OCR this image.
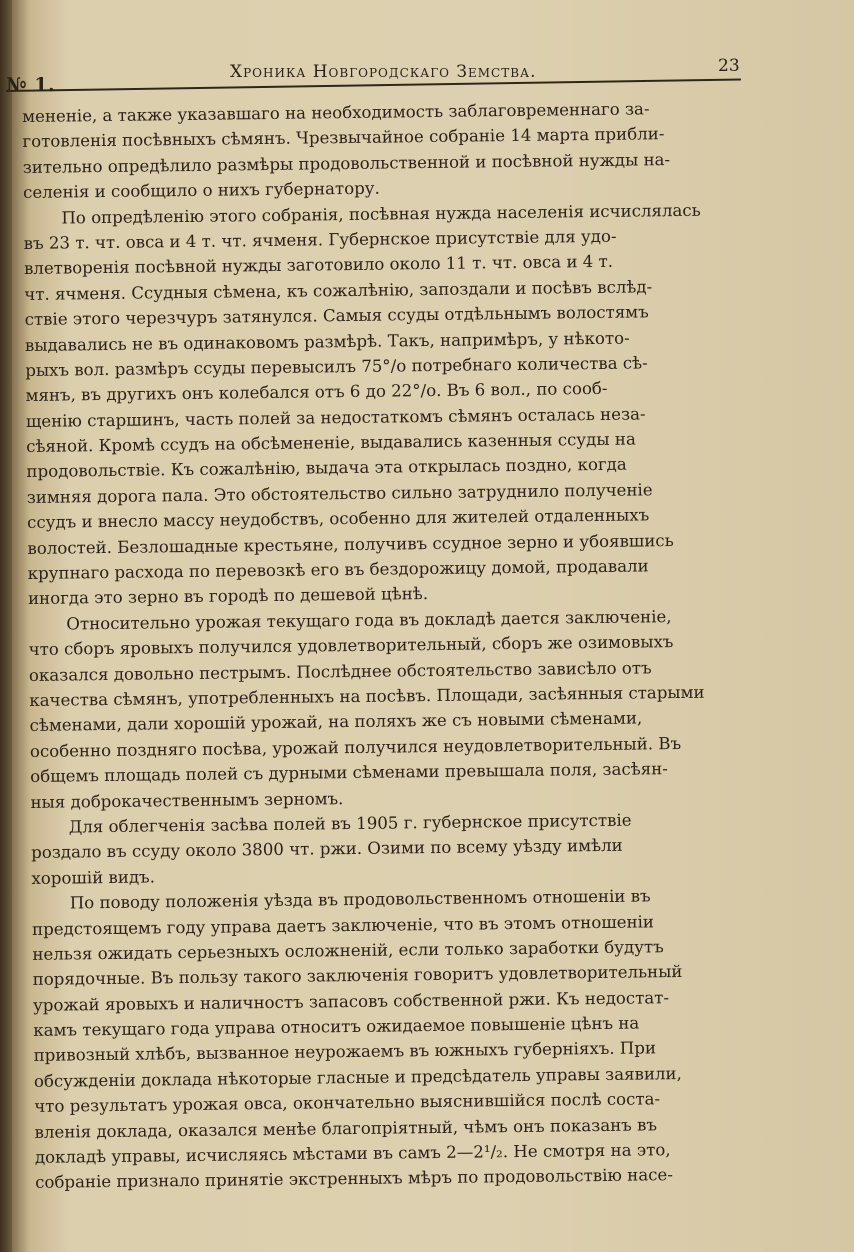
№ 1.
Хроника Новгородскаго Земства.	23
мененіе, а также указавшаго на необходимость заблаговременнаго за-
готовленія посѣвныхъ сѣмянъ. Чрезвычайное собраніе 14 марта прибли-
зительно опредѣлило размѣры продовольственной и посѣвной нужды на-
селенія и сообщило о нихъ губернатору.
По опредѣленію этого собранія, посѣвная нужда населенія исчислялась
въ 23 т. чт. овса и 4 т. чт. ячменя. Губернское присутствіе для удо-
влетворенія посѣвной нужды заготовило около 11 т. чт. овса и 4 т.
чт. ячменя. Ссудныя сѣмена, къ сожалѣнію, запоздали и посѣвъ вслѣд-
ствіе этого черезчуръ затянулся. Самыя ссуды отдѣльнымъ волостямъ
выдавались не въ одинаковомъ размѣрѣ. Такъ, напримѣръ, у нѣкото-
рыхъ вол. размѣръ ссуды перевысилъ 75°/о потребнаго количества сѣ-
мянъ, въ другихъ онъ колебался отъ 6 до 22°/о. Въ 6 вол., по сооб-
щенію старшинъ, часть полей за недостаткомъ сѣмянъ осталась неза-
сѣяной. Кромѣ ссудъ на обсѣмененіе, выдавались казенныя ссуды на
продовольствіе. Къ сожалѣнію, выдача эта открылась поздно, когда
зимняя дорога пала. Это обстоятельство сильно затруднило полученіе
ссудъ и внесло массу неудобствъ, особенно для жителей отдаленныхъ
волостей. Безлошадные крестьяне, получивъ ссудное зерно и убоявшись
крупнаго расхода по перевозкѣ его въ бездорожицу домой, продавали
иногда это зерно въ городѣ по дешевой цѣнѣ.
Относительно урожая текущаго года въ докладѣ дается заключеніе,
что сборъ яровыхъ получился удовлетворительный, сборъ же озимовыхъ
оказался довольно пестрымъ. Послѣднее обстоятельство зависѣло отъ
качества сѣмянъ, употребленныхъ на посѣвъ. Площади, засѣянныя старыми
сѣменами, дали хорошій урожай, на поляхъ же съ новыми сѣменами,
особенно поздняго посѣва, урожай получился неудовлетворительный. Въ
общемъ площадь полей съ дурными сѣменами превышала поля, засѣян-
ныя доброкачественнымъ зерномъ.
Для облегченія засѣва полей въ 1905 г. губернское присутствіе
роздало въ ссуду около 3800 чт. ржи. Озими по всему уѣзду имѣли
хорошій видъ.
По поводу положенія уѣзда въ продовольственномъ отношеніи въ
предстоящемъ году управа даетъ заключеніе, что въ этомъ отношеніи
нельзя ожидать серьезныхъ осложненій, если только заработки будутъ
порядочные. Въ пользу такого заключенія говоритъ удовлетворительный
урожай яровыхъ и наличностъ запасовъ собственной ржи. Къ недостат-
камъ текущаго года управа относитъ ожидаемое повышеніе цѣнъ на
привозный хлѣбъ, вызванное неурожаемъ въ южныхъ губерніяхъ. При
обсужденіи доклада нѣкоторые гласные и предсѣдатель управы заявили,
что результатъ урожая овса, окончательно выяснившійся послѣ соста-
вленія доклада, оказался менѣе благопріятный, чѣмъ онъ показанъ въ
докладѣ управы, исчисляясь мѣстами въ самъ 2—2¹/₂. Не смотря на это,
собраніе признало принятіе экстренныхъ мѣръ по продовольствію насе-
